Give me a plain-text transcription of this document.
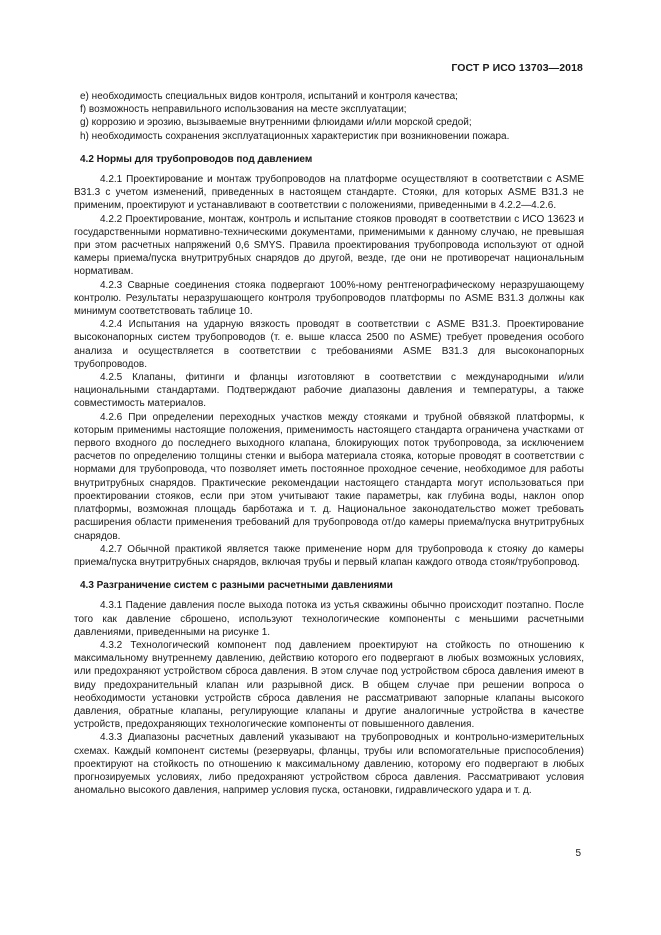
ГОСТ Р ИСО 13703—2018
e) необходимость специальных видов контроля, испытаний и контроля качества;
f) возможность неправильного использования на месте эксплуатации;
g) коррозию и эрозию, вызываемые внутренними флюидами и/или морской средой;
h) необходимость сохранения эксплуатационных характеристик при возникновении пожара.
4.2 Нормы для трубопроводов под давлением

4.2.1 Проектирование и монтаж трубопроводов на платформе осуществляют в соответствии с ASME B31.3 с учетом изменений, приведенных в настоящем стандарте. Стояки, для которых ASME B31.3 не применим, проектируют и устанавливают в соответствии с положениями, приведенными в 4.2.2—4.2.6.

4.2.2 Проектирование, монтаж, контроль и испытание стояков проводят в соответствии с ИСО 13623 и государственными нормативно-техническими документами, применимыми к данному случаю, не превышая при этом расчетных напряжений 0,6 SMYS. Правила проектирования трубопровода используют от одной камеры приема/пуска внутритрубных снарядов до другой, везде, где они не противоречат национальным нормативам.

4.2.3 Сварные соединения стояка подвергают 100%-ному рентгенографическому неразрушающему контролю. Результаты неразрушающего контроля трубопроводов платформы по ASME B31.3 должны как минимум соответствовать таблице 10.

4.2.4 Испытания на ударную вязкость проводят в соответствии с ASME B31.3. Проектирование высоконапорных систем трубопроводов (т. е. выше класса 2500 по ASME) требует проведения особого анализа и осуществляется в соответствии с требованиями ASME B31.3 для высоконапорных трубопроводов.

4.2.5 Клапаны, фитинги и фланцы изготовляют в соответствии с международными и/или национальными стандартами. Подтверждают рабочие диапазоны давления и температуры, а также совместимость материалов.

4.2.6 При определении переходных участков между стояками и трубной обвязкой платформы, к которым применимы настоящие положения, применимость настоящего стандарта ограничена участками от первого входного до последнего выходного клапана, блокирующих поток трубопровода, за исключением расчетов по определению толщины стенки и выбора материала стояка, которые проводят в соответствии с нормами для трубопровода, что позволяет иметь постоянное проходное сечение, необходимое для работы внутритрубных снарядов. Практические рекомендации настоящего стандарта могут использоваться при проектировании стояков, если при этом учитывают такие параметры, как глубина воды, наклон опор платформы, возможная площадь барботажа и т. д. Национальное законодательство может требовать расширения области применения требований для трубопровода от/до камеры приема/пуска внутритрубных снарядов.

4.2.7 Обычной практикой является также применение норм для трубопровода к стояку до камеры приема/пуска внутритрубных снарядов, включая трубы и первый клапан каждого отвода стояк/трубопровод.

4.3 Разграничение систем с разными расчетными давлениями

4.3.1 Падение давления после выхода потока из устья скважины обычно происходит поэтапно. После того как давление сброшено, используют технологические компоненты с меньшими расчетными давлениями, приведенными на рисунке 1.

4.3.2 Технологический компонент под давлением проектируют на стойкость по отношению к максимальному внутреннему давлению, действию которого его подвергают в любых возможных условиях, или предохраняют устройством сброса давления. В этом случае под устройством сброса давления имеют в виду предохранительный клапан или разрывной диск. В общем случае при решении вопроса о необходимости установки устройств сброса давления не рассматривают запорные клапаны высокого давления, обратные клапаны, регулирующие клапаны и другие аналогичные устройства в качестве устройств, предохраняющих технологические компоненты от повышенного давления.

4.3.3 Диапазоны расчетных давлений указывают на трубопроводных и контрольно-измерительных схемах. Каждый компонент системы (резервуары, фланцы, трубы или вспомогательные приспособления) проектируют на стойкость по отношению к максимальному давлению, которому его подвергают в любых прогнозируемых условиях, либо предохраняют устройством сброса давления. Рассматривают условия аномально высокого давления, например условия пуска, остановки, гидравлического удара и т. д.

5
